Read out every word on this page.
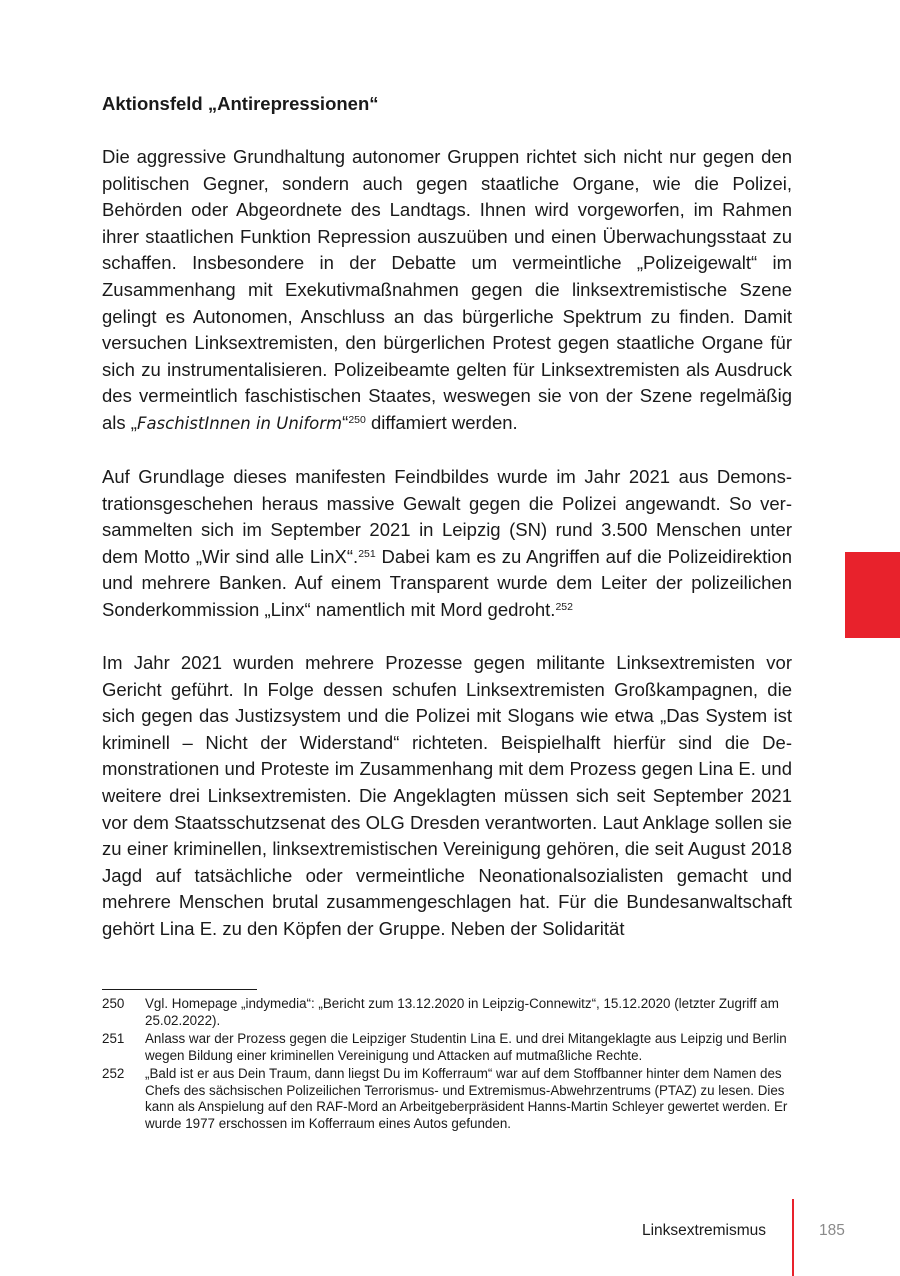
Aktionsfeld „Antirepressionen“

Die aggressive Grundhaltung autonomer Gruppen richtet sich nicht nur gegen den politischen Gegner, sondern auch gegen staatliche Organe, wie die Polizei, Behörden oder Abgeordnete des Landtags. Ihnen wird vorgeworfen, im Rahmen ihrer staatlichen Funktion Repression auszuüben und einen Überwachungsstaat zu schaffen. Insbesondere in der Debatte um vermeintliche „Polizeigewalt“ im Zusammenhang mit Exekutivmaßnahmen gegen die linksextremistische Szene gelingt es Autonomen, Anschluss an das bürgerliche Spektrum zu finden. Damit versuchen Linksextremisten, den bürgerlichen Protest gegen staatliche Organe für sich zu instrumentalisieren. Polizeibeamte gelten für Linksextremisten als Ausdruck des vermeintlich faschistischen Staates, weswegen sie von der Szene regelmäßig als „FaschistInnen in Uniform“$^{250}$ diffamiert werden.

Auf Grundlage dieses manifesten Feindbildes wurde im Jahr 2021 aus Demonstrationsgeschehen heraus massive Gewalt gegen die Polizei angewandt. So versammelten sich im September 2021 in Leipzig (SN) rund 3.500 Menschen unter dem Motto „Wir sind alle LinX“.$^{251}$ Dabei kam es zu Angriffen auf die Polizeidirektion und mehrere Banken. Auf einem Transparent wurde dem Leiter der polizeilichen Sonderkommission „Linx“ namentlich mit Mord gedroht.$^{252}$

Im Jahr 2021 wurden mehrere Prozesse gegen militante Linksextremisten vor Gericht geführt. In Folge dessen schufen Linksextremisten Großkampagnen, die sich gegen das Justizsystem und die Polizei mit Slogans wie etwa „Das System ist kriminell – Nicht der Widerstand“ richteten. Beispielhalft hierfür sind die Demonstrationen und Proteste im Zusammenhang mit dem Prozess gegen Lina E. und weitere drei Linksextremisten. Die Angeklagten müssen sich seit September 2021 vor dem Staatsschutzsenat des OLG Dresden verantworten. Laut Anklage sollen sie zu einer kriminellen, linksextremistischen Vereinigung gehören, die seit August 2018 Jagd auf tatsächliche oder vermeintliche Neonationalsozialisten gemacht und mehrere Menschen brutal zusammengeschlagen hat. Für die Bundesanwaltschaft gehört Lina E. zu den Köpfen der Gruppe. Neben der Solidarität

250	Vgl. Homepage „indymedia“: „Bericht zum 13.12.2020 in Leipzig-Connewitz“, 15.12.2020 (letzter Zugriff am 25.02.2022).
251	Anlass war der Prozess gegen die Leipziger Studentin Lina E. und drei Mitangeklagte aus Leipzig und Berlin wegen Bildung einer kriminellen Vereinigung und Attacken auf mutmaßliche Rechte.
252	„Bald ist er aus Dein Traum, dann liegst Du im Kofferraum“ war auf dem Stoffbanner hinter dem Namen des Chefs des sächsischen Polizeilichen Terrorismus- und Extremismus-Abwehrzentrums (PTAZ) zu lesen. Dies kann als Anspielung auf den RAF-Mord an Arbeitgeberpräsident Hanns-Martin Schleyer gewertet werden. Er wurde 1977 erschossen im Kofferraum eines Autos gefunden.
Linksextremismus	185
